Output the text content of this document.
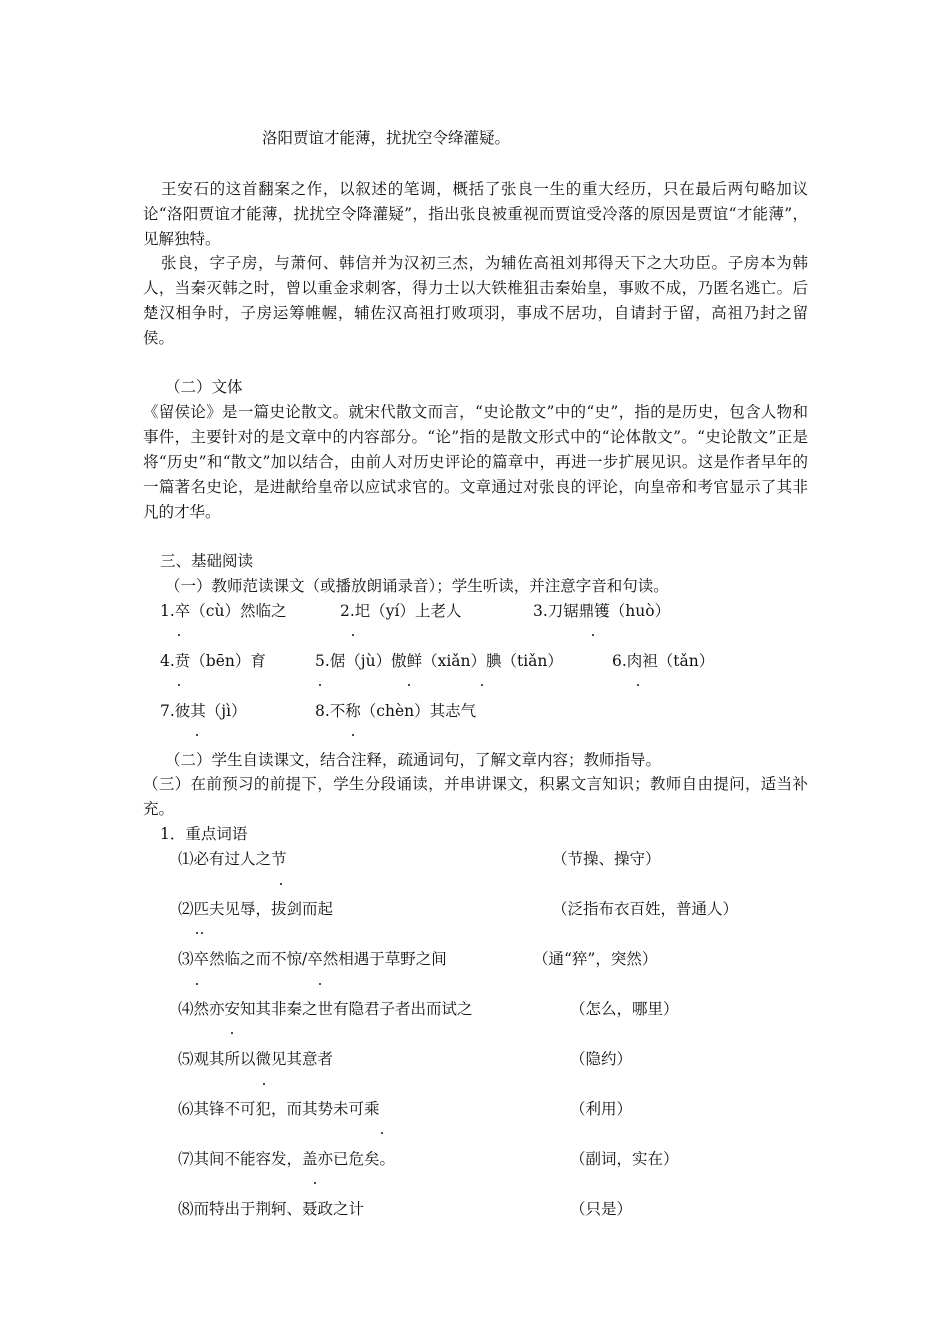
洛阳贾谊才能薄，扰扰空令绛灌疑。
王安石的这首翻案之作，以叙述的笔调，概括了张良一生的重大经历，只在最后两句略加议论“洛阳贾谊才能薄，扰扰空令降灌疑”，指出张良被重视而贾谊受冷落的原因是贾谊“才能薄”，见解独特。
张良，字子房，与萧何、韩信并为汉初三杰，为辅佐高祖刘邦得天下之大功臣。子房本为韩人，当秦灭韩之时，曾以重金求刺客，得力士以大铁椎狙击秦始皇，事败不成，乃匿名逃亡。后楚汉相争时，子房运筹帷幄，辅佐汉高祖打败项羽，事成不居功，自请封于留，高祖乃封之留侯。
（二）文体
《留侯论》是一篇史论散文。就宋代散文而言，“史论散文”中的“史”，指的是历史，包含人物和事件，主要针对的是文章中的内容部分。“论”指的是散文形式中的“论体散文”。“史论散文”正是将“历史”和“散文”加以结合，由前人对历史评论的篇章中，再进一步扩展见识。这是作者早年的一篇著名史论，是进献给皇帝以应试求官的。文章通过对张良的评论，向皇帝和考官显示了其非凡的才华。
三、基础阅读
（一）教师范读课文（或播放朗诵录音）；学生听读，并注意字音和句读。
1.卒（cù）然临之	2.圯（yí）上老人	3.刀锯鼎镬（huò）
4.贲（bēn）育	5.倨（jù）傲鲜（xiǎn）腆（tiǎn）	6.肉袒（tǎn）
7.彼其（jì）	8.不称（chèn）其志气
（二）学生自读课文，结合注释，疏通词句，了解文章内容；教师指导。
（三）在前预习的前提下，学生分段诵读，并串讲课文，积累文言知识；教师自由提问，适当补充。
1．重点词语
⑴必有过人之节	（节操、操守）
⑵匹夫见辱，拔剑而起	（泛指布衣百姓，普通人）
⑶卒然临之而不惊/卒然相遇于草野之间	（通“猝”，突然）
⑷然亦安知其非秦之世有隐君子者出而试之	（怎么，哪里）
⑸观其所以微见其意者	（隐约）
⑹其锋不可犯，而其势未可乘	（利用）
⑺其间不能容发，盖亦已危矣。	（副词，实在）
⑻而特出于荆轲、聂政之计	（只是）
